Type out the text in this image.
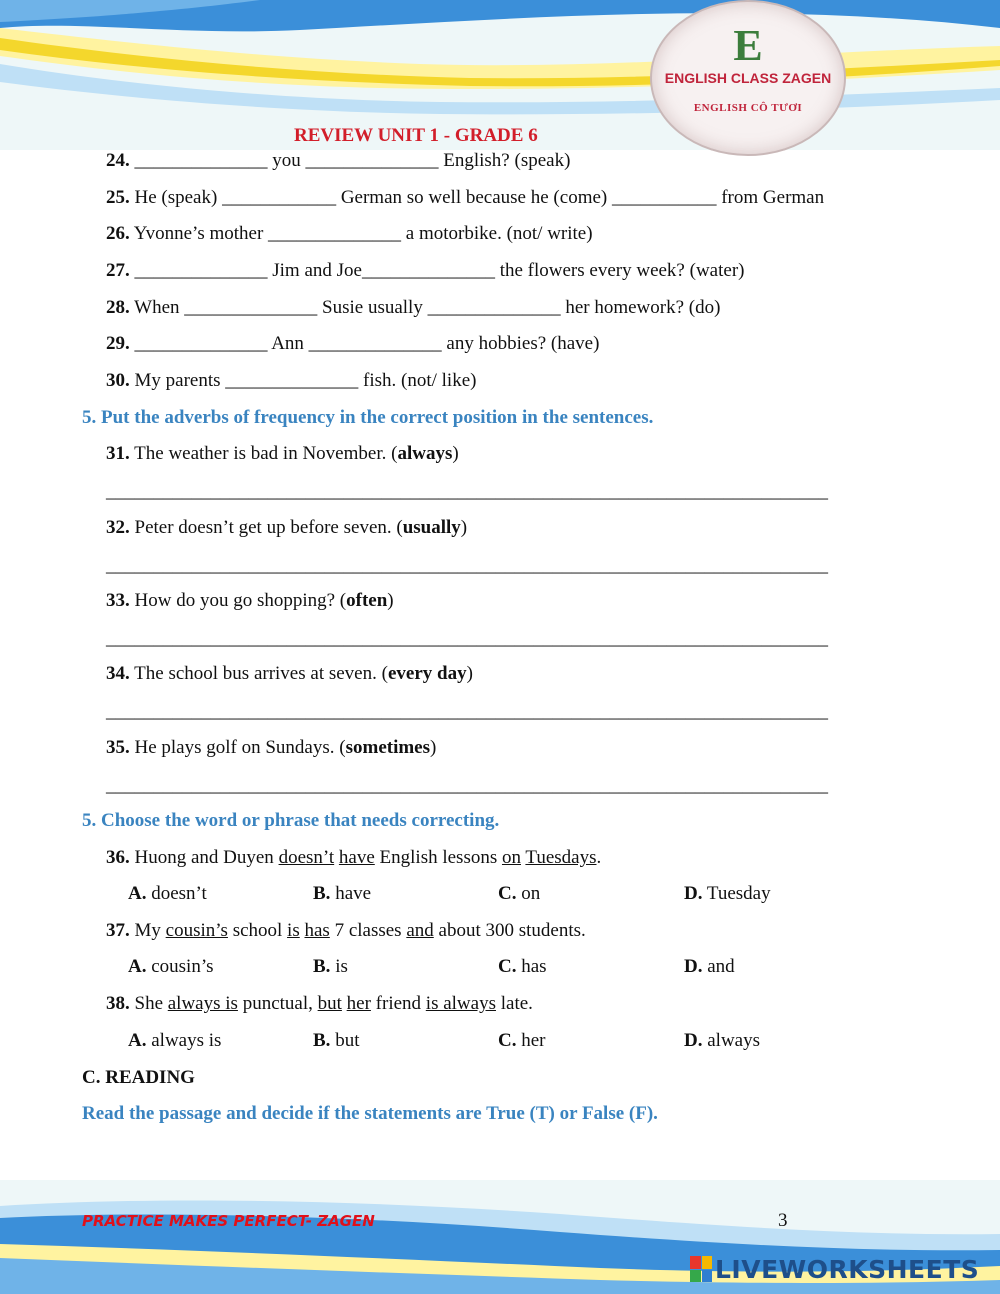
E
ENGLISH CLASS ZAGEN
ENGLISH CÔ TƯƠI
REVIEW UNIT 1 - GRADE 6
24. ______________ you ______________ English? (speak)
25. He (speak) ____________ German so well because he (come) ___________ from German
26. Yvonne’s mother ______________ a motorbike. (not/ write)
27. ______________ Jim and Joe______________ the flowers every week? (water)
28. When ______________ Susie usually ______________ her homework? (do)
29. ______________ Ann ______________ any hobbies? (have)
30. My parents ______________ fish. (not/ like)
5. Put the adverbs of frequency in the correct position in the sentences.
31. The weather is bad in November. (always)
____________________________________________________________________________
32. Peter doesn’t get up before seven. (usually)
____________________________________________________________________________
33. How do you go shopping? (often)
____________________________________________________________________________
34. The school bus arrives at seven. (every day)
____________________________________________________________________________
35. He plays golf on Sundays. (sometimes)
____________________________________________________________________________
5. Choose the word or phrase that needs correcting.
36. Huong and Duyen doesn’t have English lessons on Tuesdays.
A. doesn’t	B. have	C. on	D. Tuesday
37. My cousin’s school is has 7 classes and about 300 students.
A. cousin’s	B. is	C. has	D. and
38. She always is punctual, but her friend is always late.
A. always is	B. but	C. her	D. always
C. READING
Read the passage and decide if the statements are True (T) or False (F).
PRACTICE MAKES PERFECT- ZAGEN	3
LIVEWORKSHEETS
